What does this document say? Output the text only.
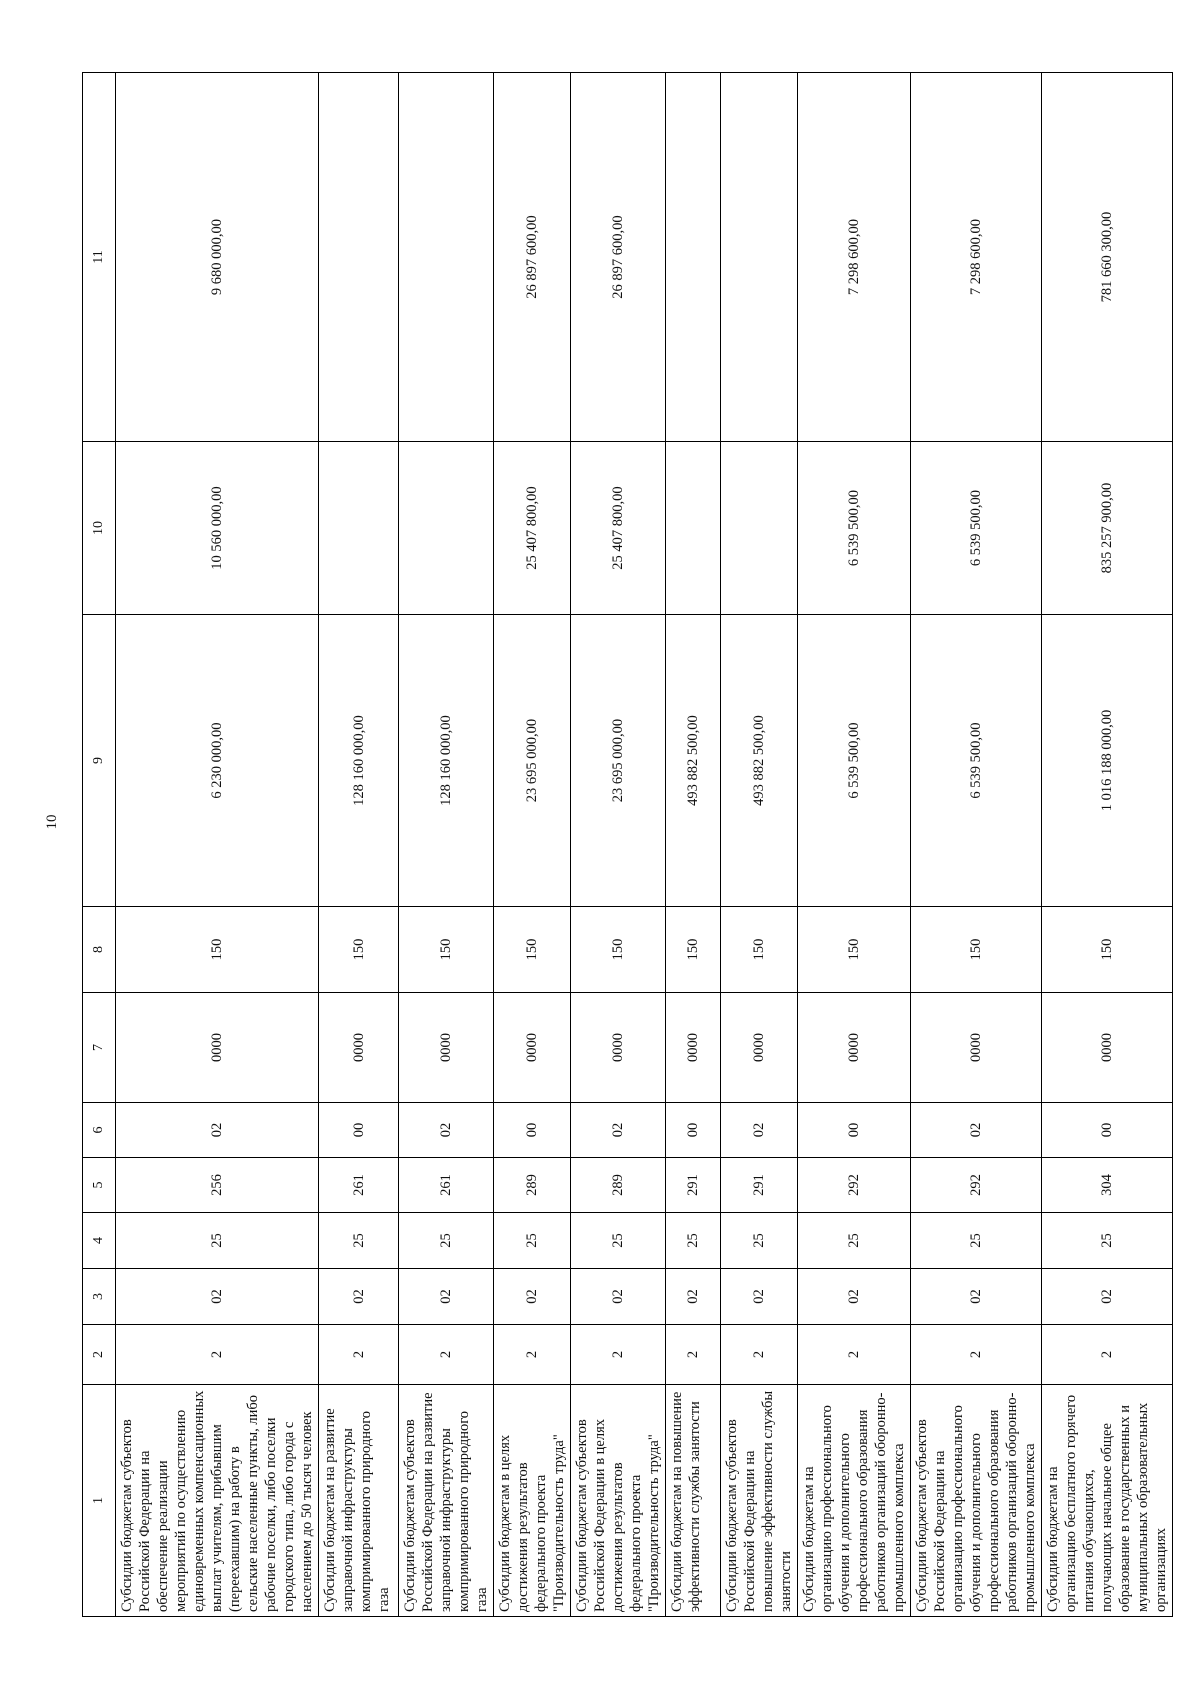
10
1	2	3	4	5	6	7	8	9	10	11
Субсидии бюджетам субъектов Российской Федерации на обеспечение реализации мероприятий по осуществлению единовременных компенсационных выплат учителям, прибывшим (переехавшим) на работу в сельские населенные пункты, либо рабочие поселки, либо поселки городского типа, либо города с населением до 50 тысяч человек	2	02	25	256	02	0000	150	6 230 000,00	10 560 000,00	9 680 000,00
Субсидии бюджетам на развитие заправочной инфраструктуры компримированного природного газа	2	02	25	261	00	0000	150	128 160 000,00		
Субсидии бюджетам субъектов Российской Федерации на развитие заправочной инфраструктуры компримированного природного газа	2	02	25	261	02	0000	150	128 160 000,00		
Субсидии бюджетам в целях достижения результатов федерального проекта "Производительность труда"	2	02	25	289	00	0000	150	23 695 000,00	25 407 800,00	26 897 600,00
Субсидии бюджетам субъектов Российской Федерации в целях достижения результатов федерального проекта "Производительность труда"	2	02	25	289	02	0000	150	23 695 000,00	25 407 800,00	26 897 600,00
Субсидии бюджетам на повышение эффективности службы занятости	2	02	25	291	00	0000	150	493 882 500,00		
Субсидии бюджетам субъектов Российской Федерации на повышение эффективности службы занятости	2	02	25	291	02	0000	150	493 882 500,00		
Субсидии бюджетам на организацию профессионального обучения и дополнительного профессионального образования работников организаций оборонно-промышленного комплекса	2	02	25	292	00	0000	150	6 539 500,00	6 539 500,00	7 298 600,00
Субсидии бюджетам субъектов Российской Федерации на организацию профессионального обучения и дополнительного профессионального образования работников организаций оборонно-промышленного комплекса	2	02	25	292	02	0000	150	6 539 500,00	6 539 500,00	7 298 600,00
Субсидии бюджетам на организацию бесплатного горячего питания обучающихся, получающих начальное общее образование в государственных и муниципальных образовательных организациях	2	02	25	304	00	0000	150	1 016 188 000,00	835 257 900,00	781 660 300,00
